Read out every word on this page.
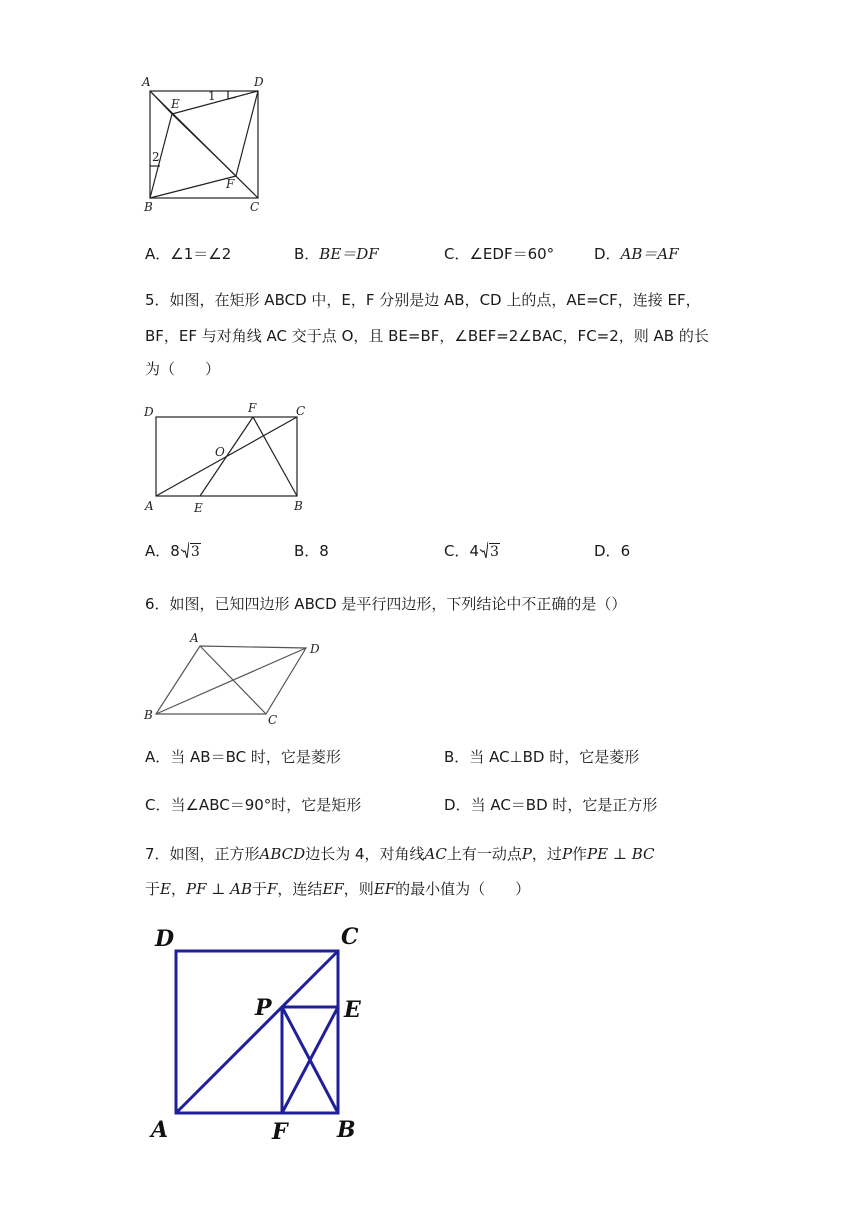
A	D
E
1
2
F
B	C
A．∠1＝∠2	B．BE＝DF	C．∠EDF＝60°	D．AB＝AF
5．如图，在矩形 ABCD 中，E，F 分别是边 AB，CD 上的点，AE=CF，连接 EF，
BF，EF 与对角线 AC 交于点 O，且 BE=BF，∠BEF=2∠BAC，FC=2，则 AB 的长
为（　　）
D	F	C
O
A	E	B
A．8 3	B．8	C．4 3	D．6
6．如图，已知四边形 ABCD 是平行四边形，下列结论中不正确的是（）
A
D
B	C
A．当 AB＝BC 时，它是菱形	B．当 AC⊥BD 时，它是菱形
C．当∠ABC＝90°时，它是矩形	D．当 AC＝BD 时，它是正方形
7．如图，正方形ABCD边长为 4，对角线AC上有一动点P，过P作PE ⊥ BC
于E，PF ⊥ AB于F，连结EF，则EF的最小值为（　　）
D	C
P	E
A	F B
